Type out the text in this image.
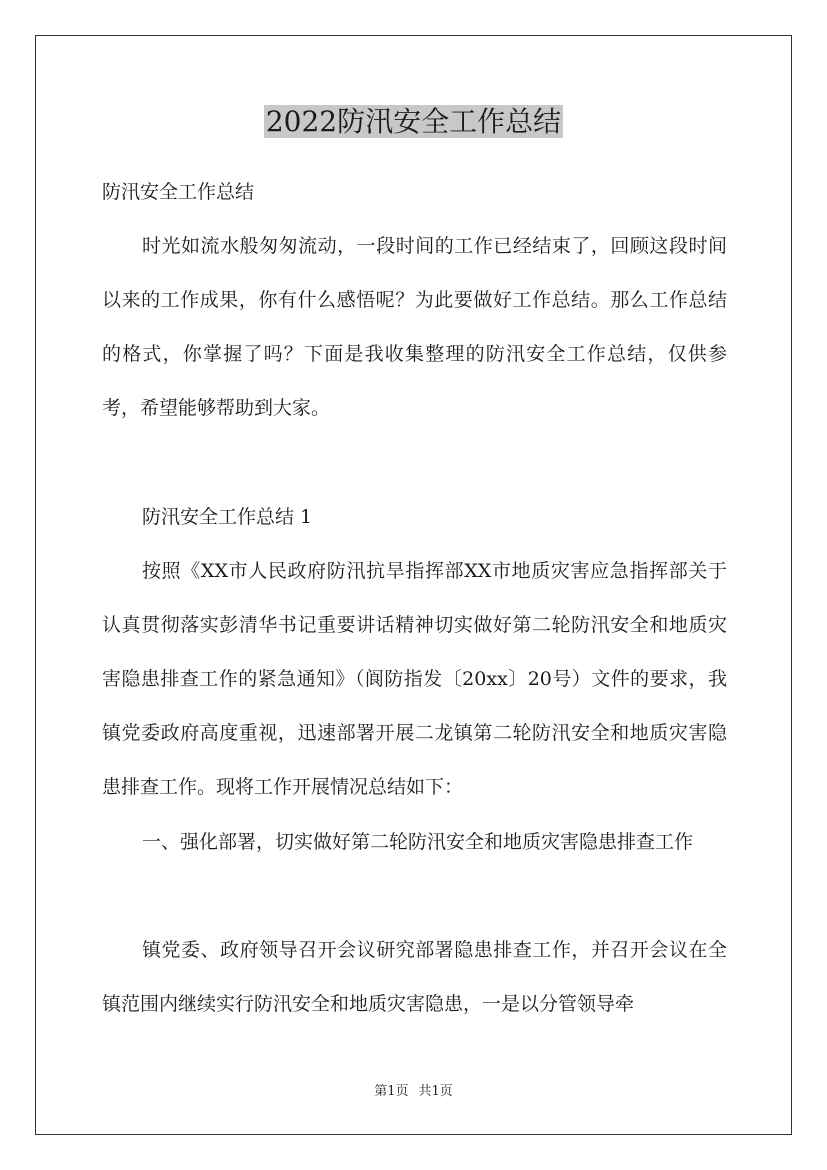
2022防汛安全工作总结

防汛安全工作总结

时光如流水般匆匆流动，一段时间的工作已经结束了，回顾这段时间以来的工作成果，你有什么感悟呢？为此要做好工作总结。那么工作总结的格式，你掌握了吗？下面是我收集整理的防汛安全工作总结，仅供参考，希望能够帮助到大家。

防汛安全工作总结 1

按照《XX市人民政府防汛抗旱指挥部XX市地质灾害应急指挥部关于认真贯彻落实彭清华书记重要讲话精神切实做好第二轮防汛安全和地质灾害隐患排查工作的紧急通知》（阆防指发〔20xx〕20号）文件的要求，我镇党委政府高度重视，迅速部署开展二龙镇第二轮防汛安全和地质灾害隐患排查工作。现将工作开展情况总结如下：

一、强化部署，切实做好第二轮防汛安全和地质灾害隐患排查工作

镇党委、政府领导召开会议研究部署隐患排查工作，并召开会议在全镇范围内继续实行防汛安全和地质灾害隐患，一是以分管领导牵

第1页 共1页
